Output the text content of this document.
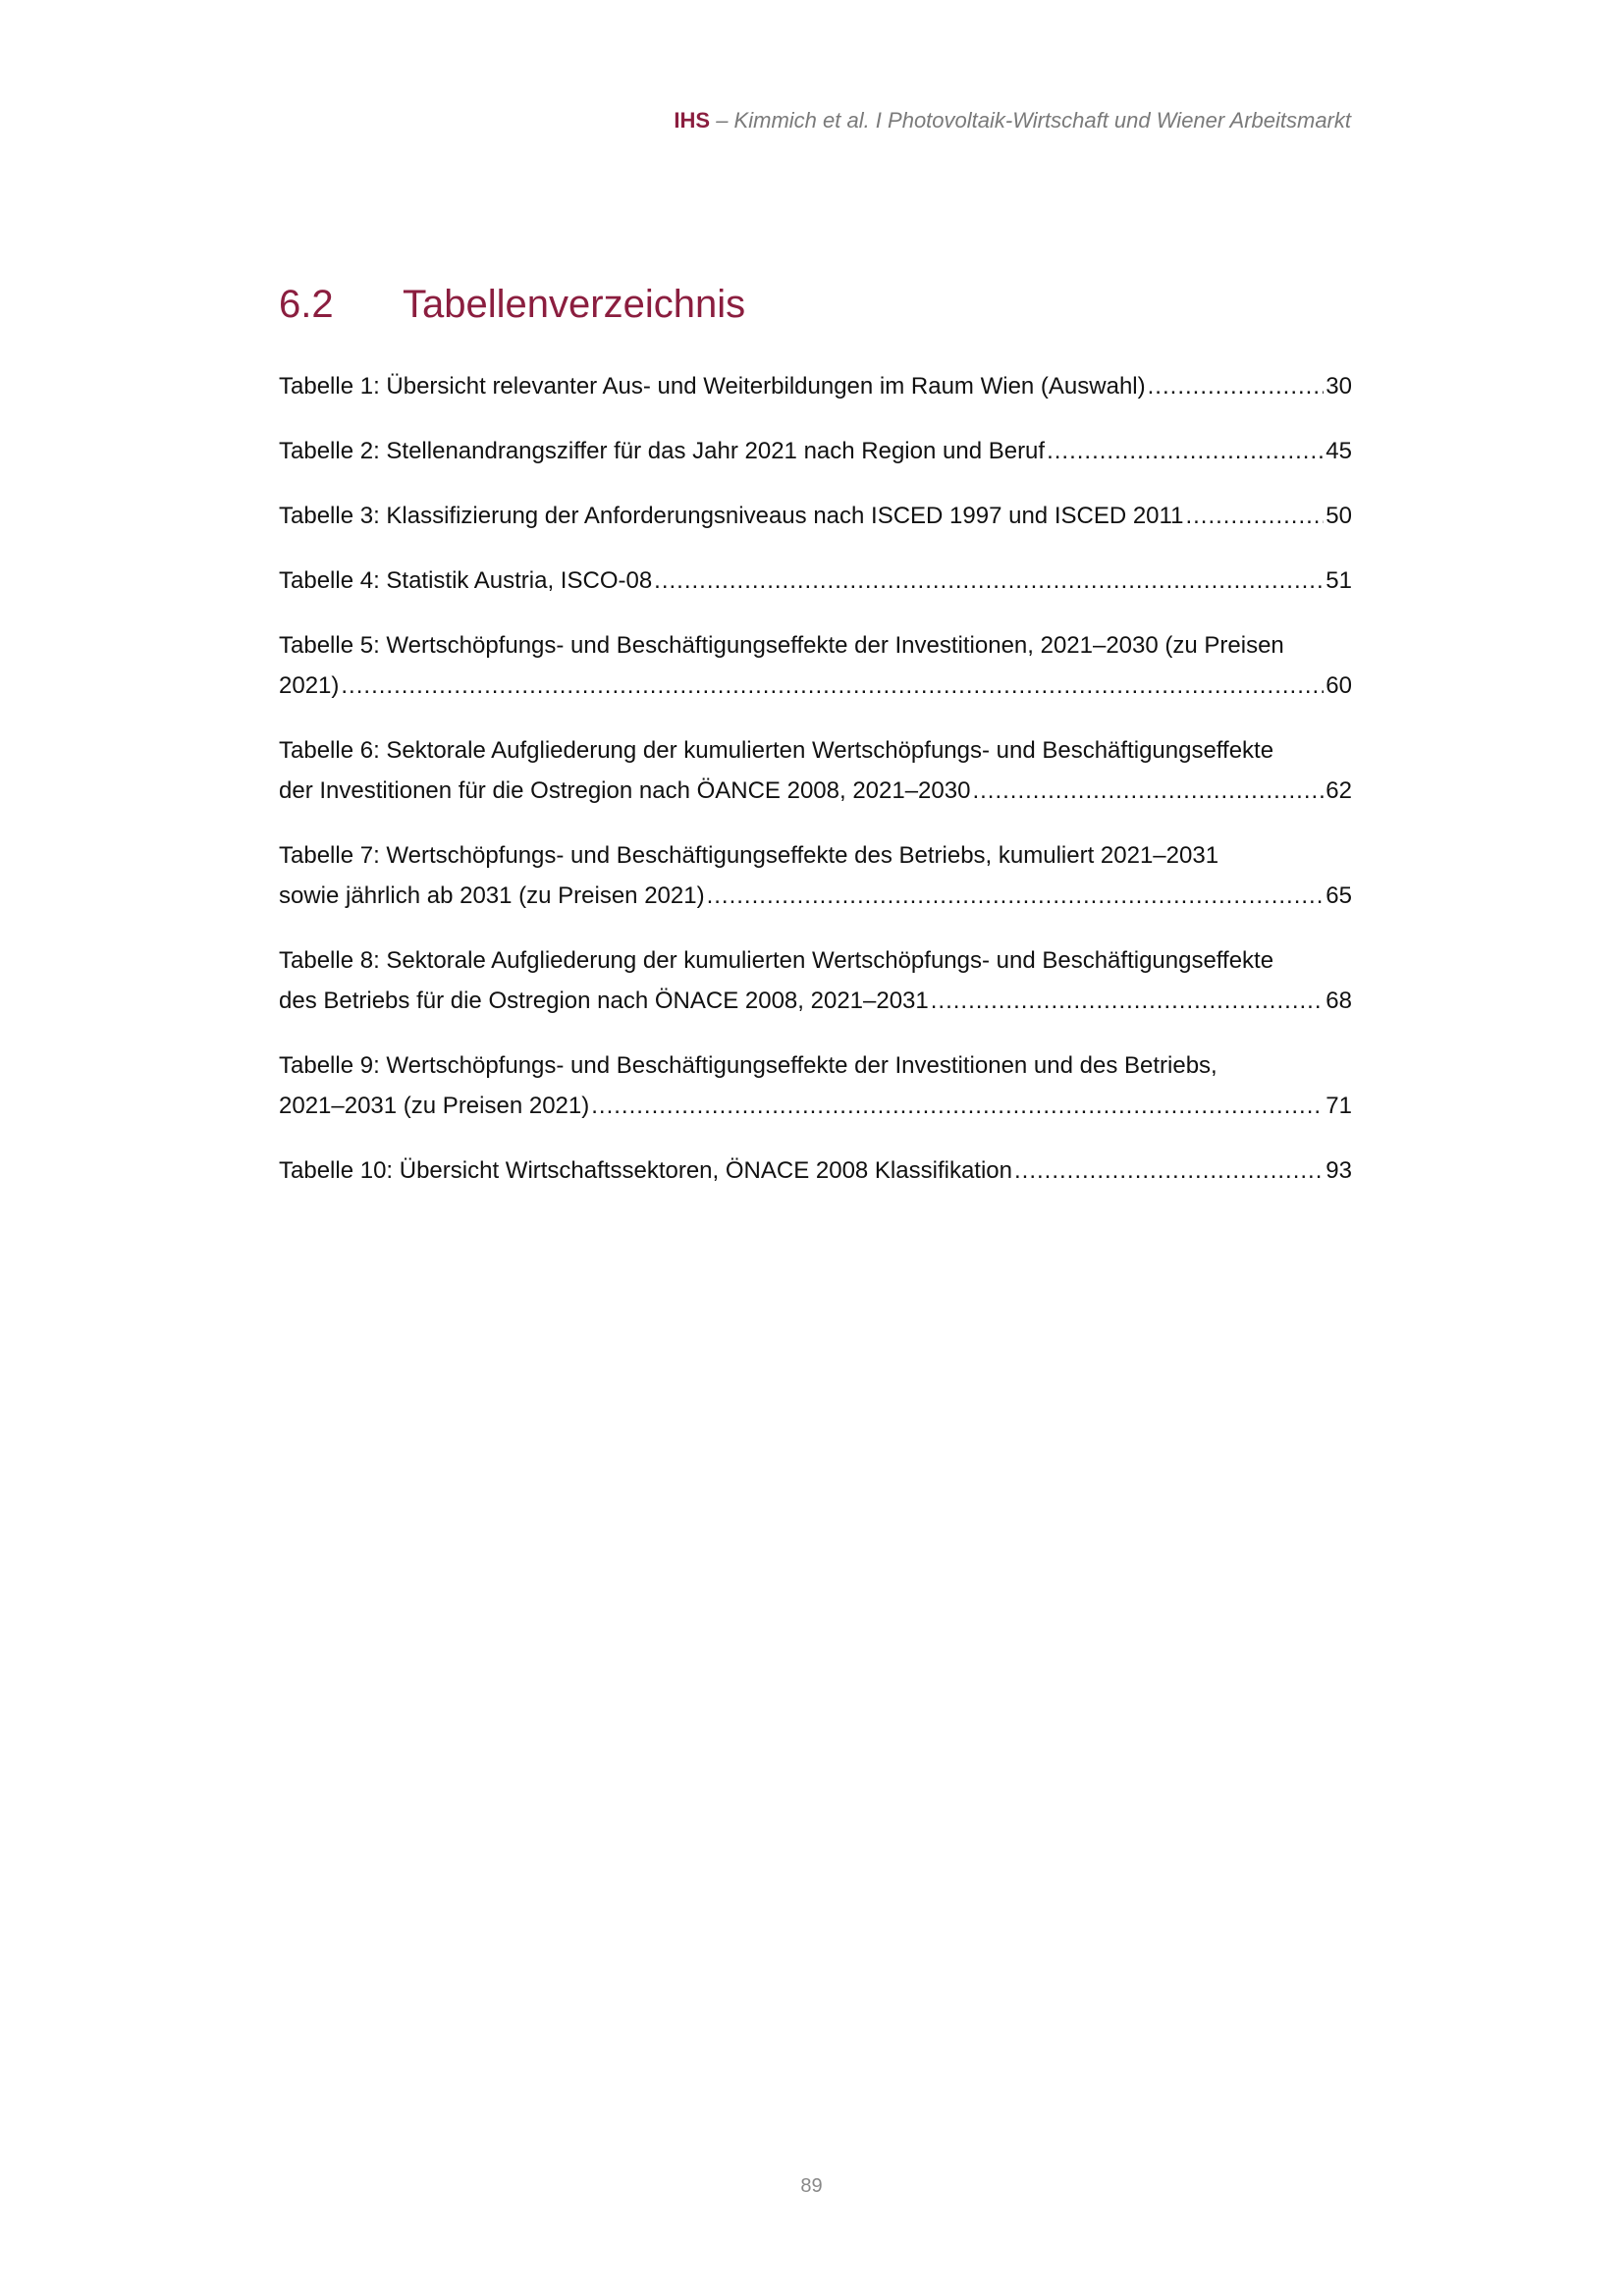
IHS – Kimmich et al. I Photovoltaik-Wirtschaft und Wiener Arbeitsmarkt
6.2 Tabellenverzeichnis
Tabelle 1: Übersicht relevanter Aus- und Weiterbildungen im Raum Wien (Auswahl) .....	30
Tabelle 2: Stellenandrangsziffer für das Jahr 2021 nach Region und Beruf .....	45
Tabelle 3: Klassifizierung der Anforderungsniveaus nach ISCED 1997 und ISCED 2011 .....	50
Tabelle 4: Statistik Austria, ISCO-08 .....	51
Tabelle 5: Wertschöpfungs- und Beschäftigungseffekte der Investitionen, 2021–2030 (zu Preisen
2021) .....	60
Tabelle 6: Sektorale Aufgliederung der kumulierten Wertschöpfungs- und Beschäftigungseffekte
der Investitionen für die Ostregion nach ÖANCE 2008, 2021–2030 .....	62
Tabelle 7: Wertschöpfungs- und Beschäftigungseffekte des Betriebs, kumuliert 2021–2031
sowie jährlich ab 2031 (zu Preisen 2021) .....	65
Tabelle 8: Sektorale Aufgliederung der kumulierten Wertschöpfungs- und Beschäftigungseffekte
des Betriebs für die Ostregion nach ÖNACE 2008, 2021–2031 .....	68
Tabelle 9: Wertschöpfungs- und Beschäftigungseffekte der Investitionen und des Betriebs,
2021–2031 (zu Preisen 2021) .....	71
Tabelle 10: Übersicht Wirtschaftssektoren, ÖNACE 2008 Klassifikation .....	93
89
